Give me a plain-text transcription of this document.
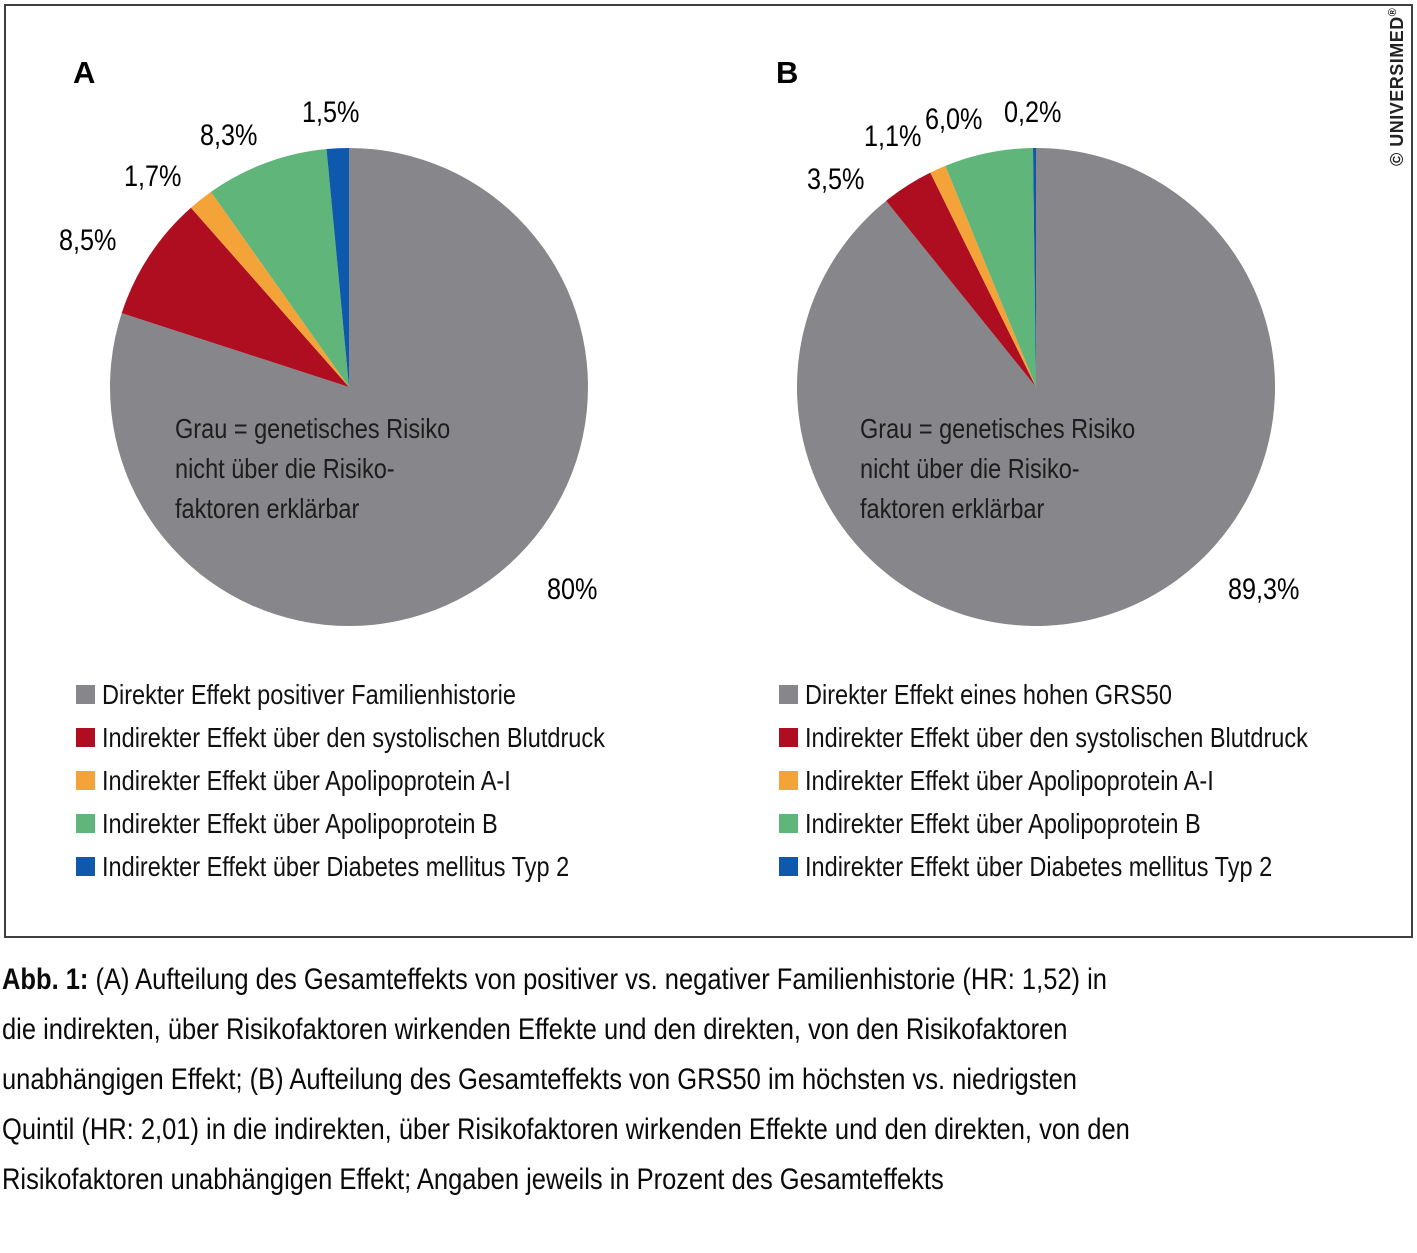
A	B
1,5%
8,3%
1,7%
8,5%
80%
0,2%
6,0%
1,1%
3,5%
89,3%
Grau = genetisches Risiko
nicht über die Risiko-
faktoren erklärbar
Grau = genetisches Risiko
nicht über die Risiko-
faktoren erklärbar
Direkter Effekt positiver Familienhistorie
Indirekter Effekt über den systolischen Blutdruck
Indirekter Effekt über Apolipoprotein A-I
Indirekter Effekt über Apolipoprotein B
Indirekter Effekt über Diabetes mellitus Typ 2
Direkter Effekt eines hohen GRS50
Indirekter Effekt über den systolischen Blutdruck
Indirekter Effekt über Apolipoprotein A-I
Indirekter Effekt über Apolipoprotein B
Indirekter Effekt über Diabetes mellitus Typ 2
© UNIVERSIMED®
Abb. 1: (A) Aufteilung des Gesamteffekts von positiver vs. negativer Familienhistorie (HR: 1,52) in
die indirekten, über Risikofaktoren wirkenden Effekte und den direkten, von den Risikofaktoren
unabhängigen Effekt; (B) Aufteilung des Gesamteffekts von GRS50 im höchsten vs. niedrigsten
Quintil (HR: 2,01) in die indirekten, über Risikofaktoren wirkenden Effekte und den direkten, von den
Risikofaktoren unabhängigen Effekt; Angaben jeweils in Prozent des Gesamteffekts
